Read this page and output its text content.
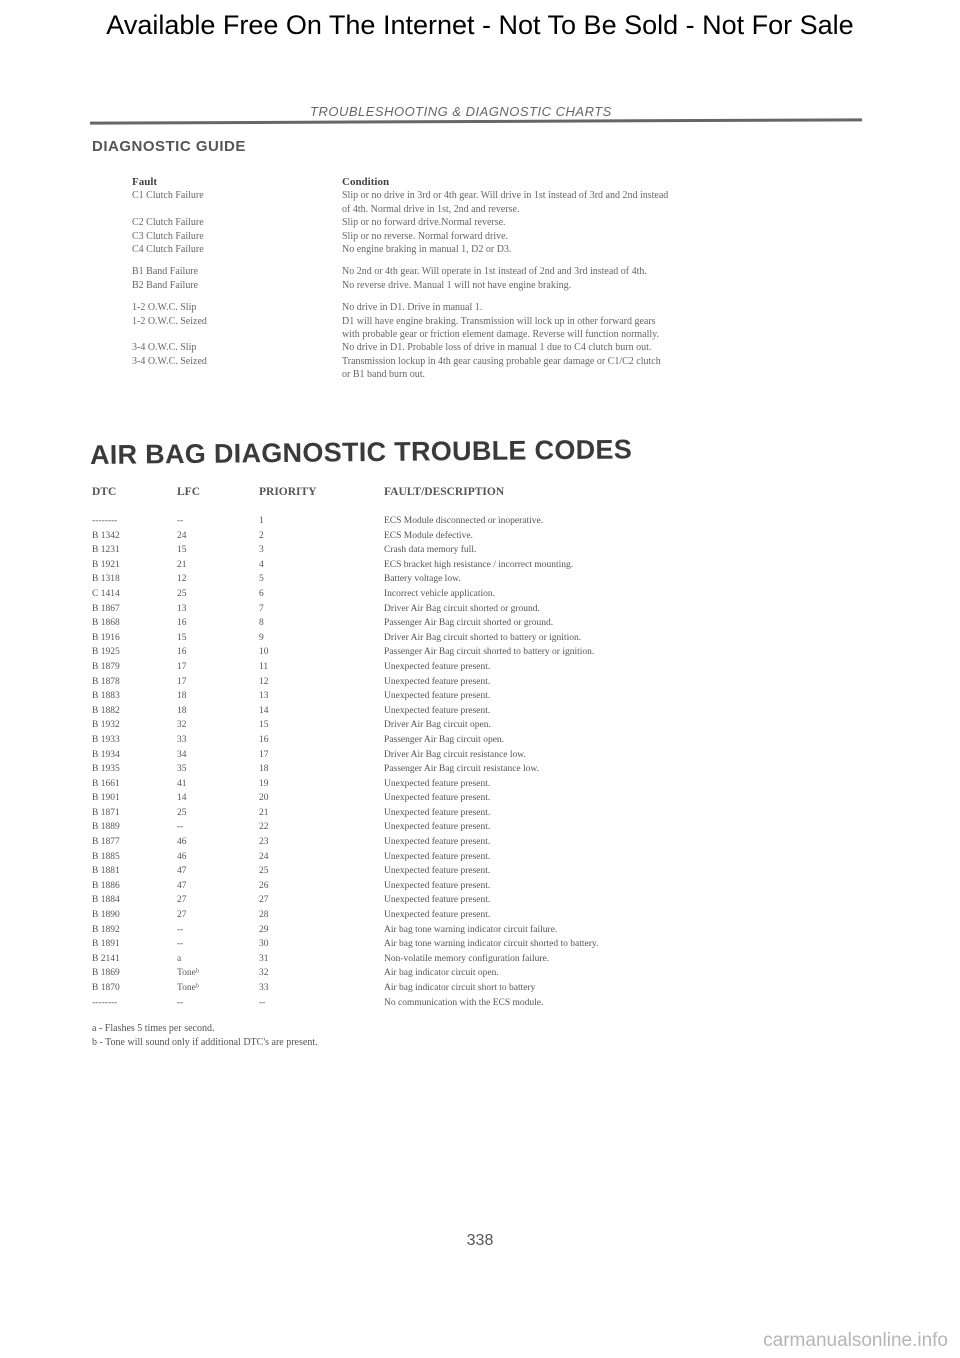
Available Free On The Internet - Not To Be Sold - Not For Sale
TROUBLESHOOTING & DIAGNOSTIC CHARTS
DIAGNOSTIC GUIDE
Fault	Condition
C1 Clutch Failure	Slip or no drive in 3rd or 4th gear. Will drive in 1st instead of 3rd and 2nd instead
of 4th. Normal drive in 1st, 2nd and reverse.
C2 Clutch Failure	Slip or no forward drive.Normal reverse.
C3 Clutch Failure	Slip or no reverse. Normal forward drive.
C4 Clutch Failure	No engine braking in manual 1, D2 or D3.
B1 Band Failure	No 2nd or 4th gear. Will operate in 1st instead of 2nd and 3rd instead of 4th.
B2 Band Failure	No reverse drive. Manual 1 will not have engine braking.
1-2 O.W.C. Slip	No drive in D1. Drive in manual 1.
1-2 O.W.C. Seized	D1 will have engine braking. Transmission will lock up in other forward gears
with probable gear or friction element damage. Reverse will function normally.
3-4 O.W.C. Slip	No drive in D1. Probable loss of drive in manual 1 due to C4 clutch burn out.
3-4 O.W.C. Seized	Transmission lockup in 4th gear causing probable gear damage or C1/C2 clutch
or B1 band burn out.
AIR BAG DIAGNOSTIC TROUBLE CODES
DTC	LFC	PRIORITY	FAULT/DESCRIPTION
--------	--	1	ECS Module disconnected or inoperative.
B 1342	24	2	ECS Module defective.
B 1231	15	3	Crash data memory full.
B 1921	21	4	ECS bracket high resistance / incorrect mounting.
B 1318	12	5	Battery voltage low.
C 1414	25	6	Incorrect vehicle application.
B 1867	13	7	Driver Air Bag circuit shorted or ground.
B 1868	16	8	Passenger Air Bag circuit shorted or ground.
B 1916	15	9	Driver Air Bag circuit shorted to battery or ignition.
B 1925	16	10	Passenger Air Bag circuit shorted to battery or ignition.
B 1879	17	11	Unexpected feature present.
B 1878	17	12	Unexpected feature present.
B 1883	18	13	Unexpected feature present.
B 1882	18	14	Unexpected feature present.
B 1932	32	15	Driver Air Bag circuit open.
B 1933	33	16	Passenger Air Bag circuit open.
B 1934	34	17	Driver Air Bag circuit resistance low.
B 1935	35	18	Passenger Air Bag circuit resistance low.
B 1661	41	19	Unexpected feature present.
B 1901	14	20	Unexpected feature present.
B 1871	25	21	Unexpected feature present.
B 1889	--	22	Unexpected feature present.
B 1877	46	23	Unexpected feature present.
B 1885	46	24	Unexpected feature present.
B 1881	47	25	Unexpected feature present.
B 1886	47	26	Unexpected feature present.
B 1884	27	27	Unexpected feature present.
B 1890	27	28	Unexpected feature present.
B 1892	--	29	Air bag tone warning indicator circuit failure.
B 1891	--	30	Air bag tone warning indicator circuit shorted to battery.
B 2141	a	31	Non-volatile memory configuration failure.
B 1869	Toneᵇ	32	Air bag indicator circuit open.
B 1870	Toneᵇ	33	Air bag indicator circuit short to battery
--------	--	--	No communication with the ECS module.
a - Flashes 5 times per second.
b - Tone will sound only if additional DTC's are present.
338
carmanualsonline.info
